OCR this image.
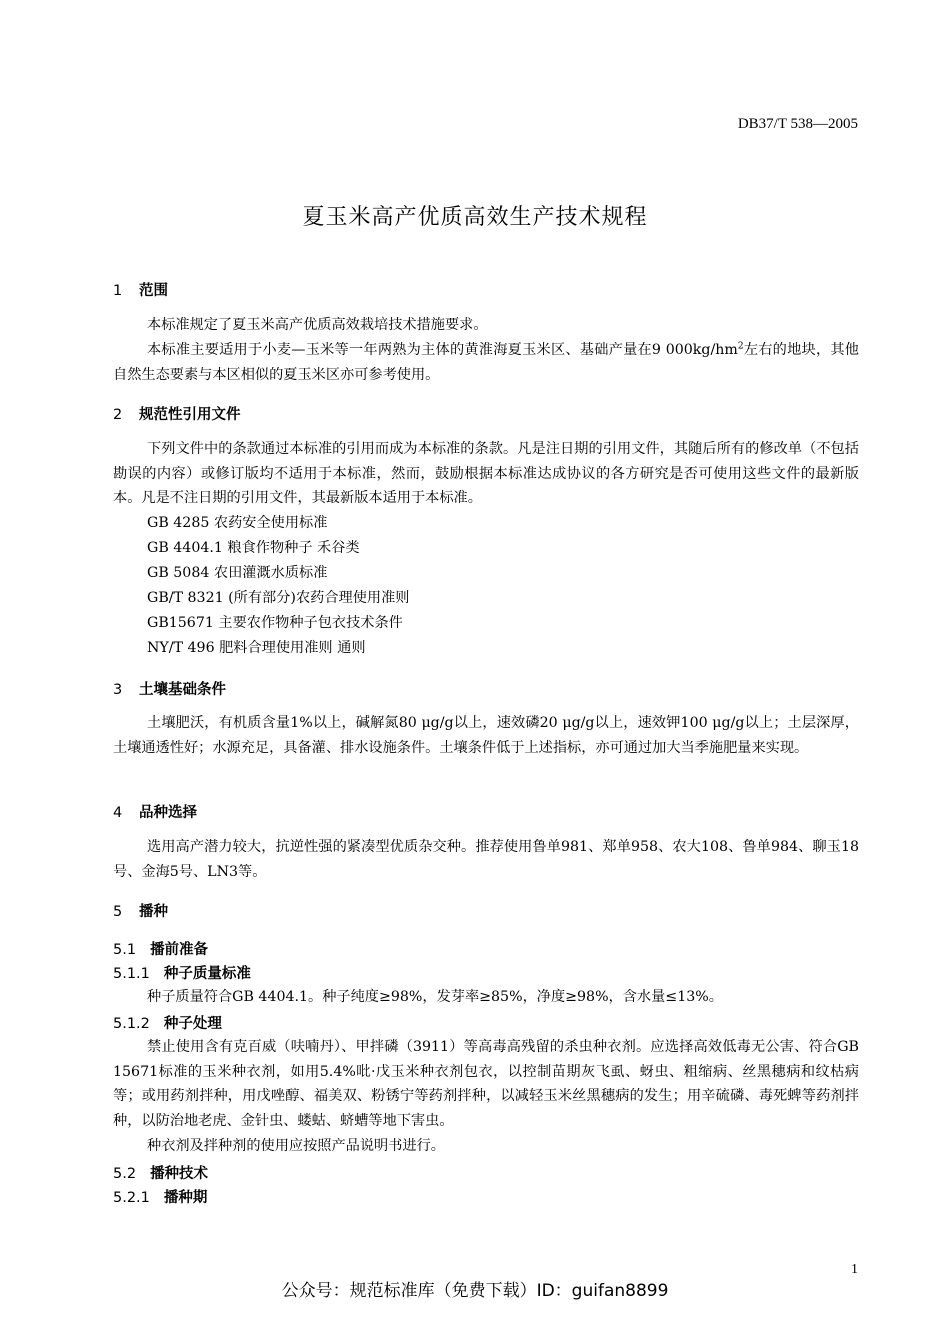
DB37/T 538—2005
夏玉米高产优质高效生产技术规程
1 范围
本标准规定了夏玉米高产优质高效栽培技术措施要求。
本标准主要适用于小麦—玉米等一年两熟为主体的黄淮海夏玉米区、基础产量在9 $000kg/hm^2$左右的地块，其他自然生态要素与本区相似的夏玉米区亦可参考使用。
2 规范性引用文件
下列文件中的条款通过本标准的引用而成为本标准的条款。凡是注日期的引用文件，其随后所有的修改单（不包括勘误的内容）或修订版均不适用于本标准，然而，鼓励根据本标准达成协议的各方研究是否可使用这些文件的最新版本。凡是不注日期的引用文件，其最新版本适用于本标准。
GB 4285 农药安全使用标准
GB 4404.1 粮食作物种子 禾谷类
GB 5084 农田灌溉水质标准
GB/T 8321 (所有部分)农药合理使用准则
GB15671 主要农作物种子包衣技术条件
NY/T 496 肥料合理使用准则 通则
3 土壤基础条件
土壤肥沃，有机质含量1%以上，碱解氮80 μg/g以上，速效磷20 μg/g以上，速效钾100 μg/g以上；土层深厚，土壤通透性好；水源充足，具备灌、排水设施条件。土壤条件低于上述指标，亦可通过加大当季施肥量来实现。
4 品种选择
选用高产潜力较大，抗逆性强的紧凑型优质杂交种。推荐使用鲁单981、郑单958、农大108、鲁单984、聊玉18号、金海5号、LN3等。
5 播种
5.1 播前准备
5.1.1 种子质量标准
种子质量符合GB 4404.1。种子纯度≥98%，发芽率≥85%，净度≥98%，含水量≤13%。
5.1.2 种子处理
禁止使用含有克百威（呋喃丹）、甲拌磷（3911）等高毒高残留的杀虫种衣剂。应选择高效低毒无公害、符合GB15671标准的玉米种衣剂，如用5.4%吡·戊玉米种衣剂包衣，以控制苗期灰飞虱、蚜虫、粗缩病、丝黑穗病和纹枯病等；或用药剂拌种，用戊唑醇、福美双、粉锈宁等药剂拌种，以减轻玉米丝黑穗病的发生；用辛硫磷、毒死蜱等药剂拌种，以防治地老虎、金针虫、蝼蛄、蛴螬等地下害虫。
种衣剂及拌种剂的使用应按照产品说明书进行。
5.2 播种技术
5.2.1 播种期
1
公众号：规范标准库（免费下载）ID：guifan8899
